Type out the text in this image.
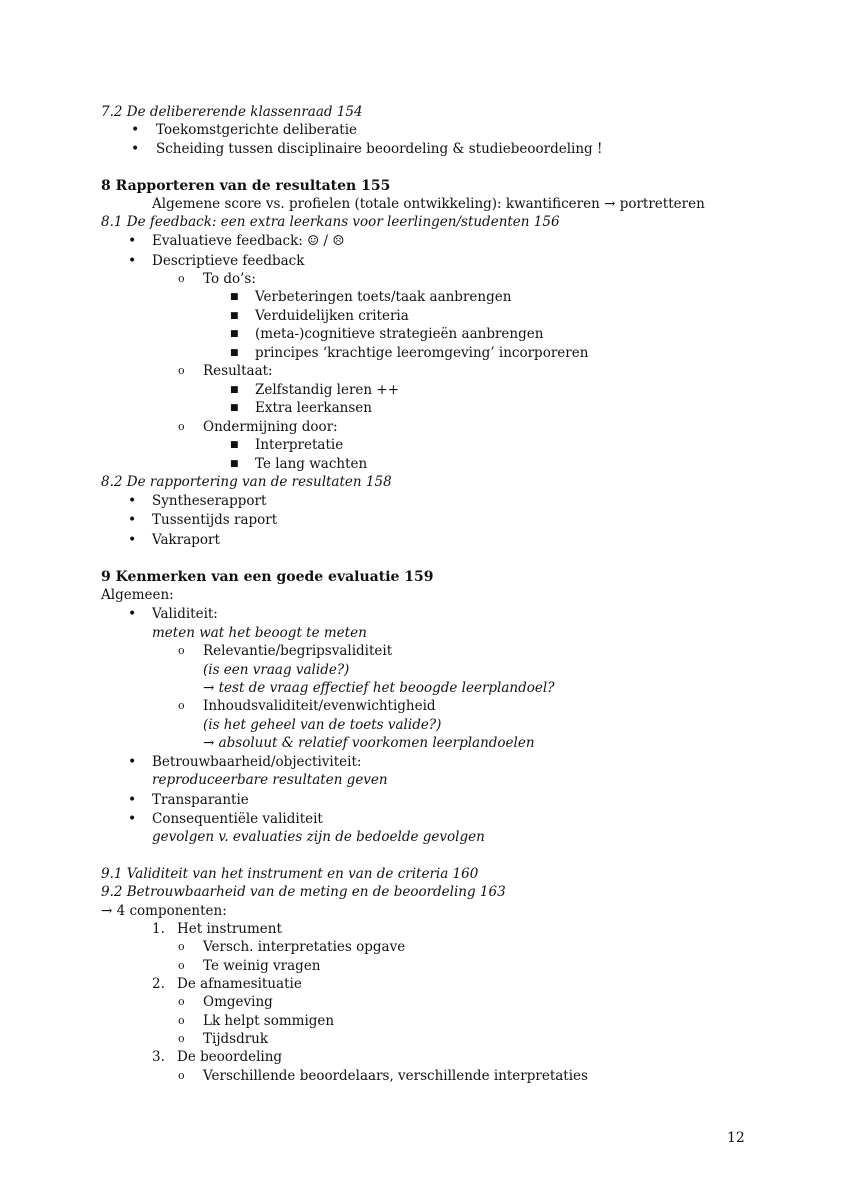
7.2 De delibererende klassenraad 154
• Toekomstgerichte deliberatie
• Scheiding tussen disciplinaire beoordeling & studiebeoordeling !
8 Rapporteren van de resultaten 155
Algemene score vs. profielen (totale ontwikkeling): kwantificeren → portretteren
8.1 De feedback: een extra leerkans voor leerlingen/studenten 156
• Evaluatieve feedback: ☺ / ☹
• Descriptieve feedback
o To do’s:
■ Verbeteringen toets/taak aanbrengen
■ Verduidelijken criteria
■ (meta-)cognitieve strategieën aanbrengen
■ principes ‘krachtige leeromgeving’ incorporeren
o Resultaat:
■ Zelfstandig leren ++
■ Extra leerkansen
o Ondermijning door:
■ Interpretatie
■ Te lang wachten
8.2 De rapportering van de resultaten 158
• Syntheserapport
• Tussentijds raport
• Vakraport
9 Kenmerken van een goede evaluatie 159
Algemeen:
• Validiteit:
meten wat het beoogt te meten
o Relevantie/begripsvaliditeit
(is een vraag valide?)
→ test de vraag effectief het beoogde leerplandoel?
o Inhoudsvaliditeit/evenwichtigheid
(is het geheel van de toets valide?)
→ absoluut & relatief voorkomen leerplandoelen
• Betrouwbaarheid/objectiviteit:
reproduceerbare resultaten geven
• Transparantie
• Consequentiële validiteit
gevolgen v. evaluaties zijn de bedoelde gevolgen
9.1 Validiteit van het instrument en van de criteria 160
9.2 Betrouwbaarheid van de meting en de beoordeling 163
→ 4 componenten:
1. Het instrument
o Versch. interpretaties opgave
o Te weinig vragen
2. De afnamesituatie
o Omgeving
o Lk helpt sommigen
o Tijdsdruk
3. De beoordeling
o Verschillende beoordelaars, verschillende interpretaties
12
